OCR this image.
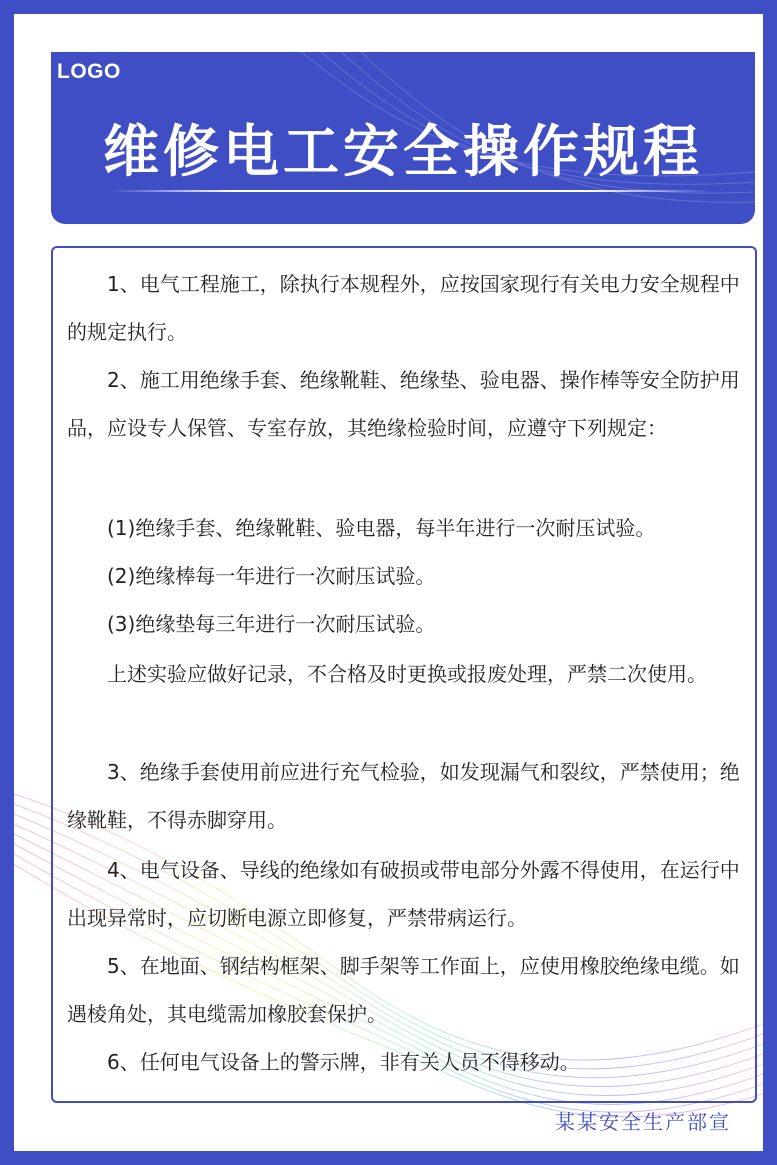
LOGO
维修电工安全操作规程

1、电气工程施工，除执行本规程外，应按国家现行有关电力安全规程中的规定执行。

2、施工用绝缘手套、绝缘靴鞋、绝缘垫、验电器、操作棒等安全防护用品，应设专人保管、专室存放，其绝缘检验时间，应遵守下列规定：

(1)绝缘手套、绝缘靴鞋、验电器，每半年进行一次耐压试验。

(2)绝缘棒每一年进行一次耐压试验。

(3)绝缘垫每三年进行一次耐压试验。

上述实验应做好记录，不合格及时更换或报废处理，严禁二次使用。

3、绝缘手套使用前应进行充气检验，如发现漏气和裂纹，严禁使用；绝缘靴鞋，不得赤脚穿用。

4、电气设备、导线的绝缘如有破损或带电部分外露不得使用，在运行中出现异常时，应切断电源立即修复，严禁带病运行。

5、在地面、钢结构框架、脚手架等工作面上，应使用橡胶绝缘电缆。如遇棱角处，其电缆需加橡胶套保护。

6、任何电气设备上的警示牌，非有关人员不得移动。

某某安全生产部宣
